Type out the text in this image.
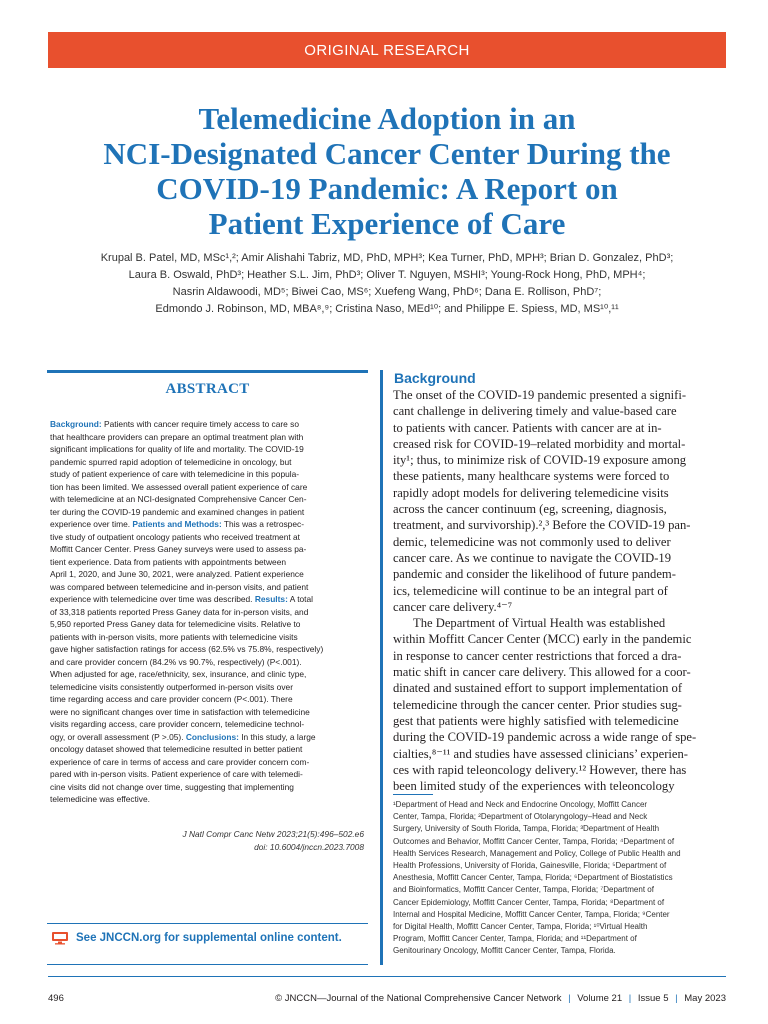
ORIGINAL RESEARCH
Telemedicine Adoption in an
NCI-Designated Cancer Center During the
COVID-19 Pandemic: A Report on
Patient Experience of Care
Krupal B. Patel, MD, MSc¹,²; Amir Alishahi Tabriz, MD, PhD, MPH³; Kea Turner, PhD, MPH³; Brian D. Gonzalez, PhD³;
Laura B. Oswald, PhD³; Heather S.L. Jim, PhD³; Oliver T. Nguyen, MSHI³; Young-Rock Hong, PhD, MPH⁴;
Nasrin Aldawoodi, MD⁵; Biwei Cao, MS⁶; Xuefeng Wang, PhD⁶; Dana E. Rollison, PhD⁷;
Edmondo J. Robinson, MD, MBA⁸,⁹; Cristina Naso, MEd¹⁰; and Philippe E. Spiess, MD, MS¹⁰,¹¹
ABSTRACT
Background: Patients with cancer require timely access to care so
that healthcare providers can prepare an optimal treatment plan with
significant implications for quality of life and mortality. The COVID-19
pandemic spurred rapid adoption of telemedicine in oncology, but
study of patient experience of care with telemedicine in this popula-
tion has been limited. We assessed overall patient experience of care
with telemedicine at an NCI-designated Comprehensive Cancer Cen-
ter during the COVID-19 pandemic and examined changes in patient
experience over time. Patients and Methods: This was a retrospec-
tive study of outpatient oncology patients who received treatment at
Moffitt Cancer Center. Press Ganey surveys were used to assess pa-
tient experience. Data from patients with appointments between
April 1, 2020, and June 30, 2021, were analyzed. Patient experience
was compared between telemedicine and in-person visits, and patient
experience with telemedicine over time was described. Results: A total
of 33,318 patients reported Press Ganey data for in-person visits, and
5,950 reported Press Ganey data for telemedicine visits. Relative to
patients with in-person visits, more patients with telemedicine visits
gave higher satisfaction ratings for access (62.5% vs 75.8%, respectively)
and care provider concern (84.2% vs 90.7%, respectively) (P<.001).
When adjusted for age, race/ethnicity, sex, insurance, and clinic type,
telemedicine visits consistently outperformed in-person visits over
time regarding access and care provider concern (P<.001). There
were no significant changes over time in satisfaction with telemedicine
visits regarding access, care provider concern, telemedicine technol-
ogy, or overall assessment (P >.05). Conclusions: In this study, a large
oncology dataset showed that telemedicine resulted in better patient
experience of care in terms of access and care provider concern com-
pared with in-person visits. Patient experience of care with telemedi-
cine visits did not change over time, suggesting that implementing
telemedicine was effective.
J Natl Compr Canc Netw 2023;21(5):496–502.e6
doi: 10.6004/jnccn.2023.7008
See JNCCN.org for supplemental online content.
Background
The onset of the COVID-19 pandemic presented a signifi-
cant challenge in delivering timely and value-based care
to patients with cancer. Patients with cancer are at in-
creased risk for COVID-19–related morbidity and mortal-
ity¹; thus, to minimize risk of COVID-19 exposure among
these patients, many healthcare systems were forced to
rapidly adopt models for delivering telemedicine visits
across the cancer continuum (eg, screening, diagnosis,
treatment, and survivorship).²,³ Before the COVID-19 pan-
demic, telemedicine was not commonly used to deliver
cancer care. As we continue to navigate the COVID-19
pandemic and consider the likelihood of future pandem-
ics, telemedicine will continue to be an integral part of
cancer care delivery.⁴⁻⁷
The Department of Virtual Health was established
within Moffitt Cancer Center (MCC) early in the pandemic
in response to cancer center restrictions that forced a dra-
matic shift in cancer care delivery. This allowed for a coor-
dinated and sustained effort to support implementation of
telemedicine through the cancer center. Prior studies sug-
gest that patients were highly satisfied with telemedicine
during the COVID-19 pandemic across a wide range of spe-
cialties,⁸⁻¹¹ and studies have assessed clinicians’ experien-
ces with rapid teleoncology delivery.¹² However, there has
been limited study of the experiences with teleoncology
¹Department of Head and Neck and Endocrine Oncology, Moffitt Cancer
Center, Tampa, Florida; ²Department of Otolaryngology–Head and Neck
Surgery, University of South Florida, Tampa, Florida; ³Department of Health
Outcomes and Behavior, Moffitt Cancer Center, Tampa, Florida; ⁴Department of
Health Services Research, Management and Policy, College of Public Health and
Health Professions, University of Florida, Gainesville, Florida; ⁵Department of
Anesthesia, Moffitt Cancer Center, Tampa, Florida; ⁶Department of Biostatistics
and Bioinformatics, Moffitt Cancer Center, Tampa, Florida; ⁷Department of
Cancer Epidemiology, Moffitt Cancer Center, Tampa, Florida; ⁸Department of
Internal and Hospital Medicine, Moffitt Cancer Center, Tampa, Florida; ⁹Center
for Digital Health, Moffitt Cancer Center, Tampa, Florida; ¹⁰Virtual Health
Program, Moffitt Cancer Center, Tampa, Florida; and ¹¹Department of
Genitourinary Oncology, Moffitt Cancer Center, Tampa, Florida.
496	© JNCCN—Journal of the National Comprehensive Cancer Network | Volume 21 | Issue 5 | May 2023
